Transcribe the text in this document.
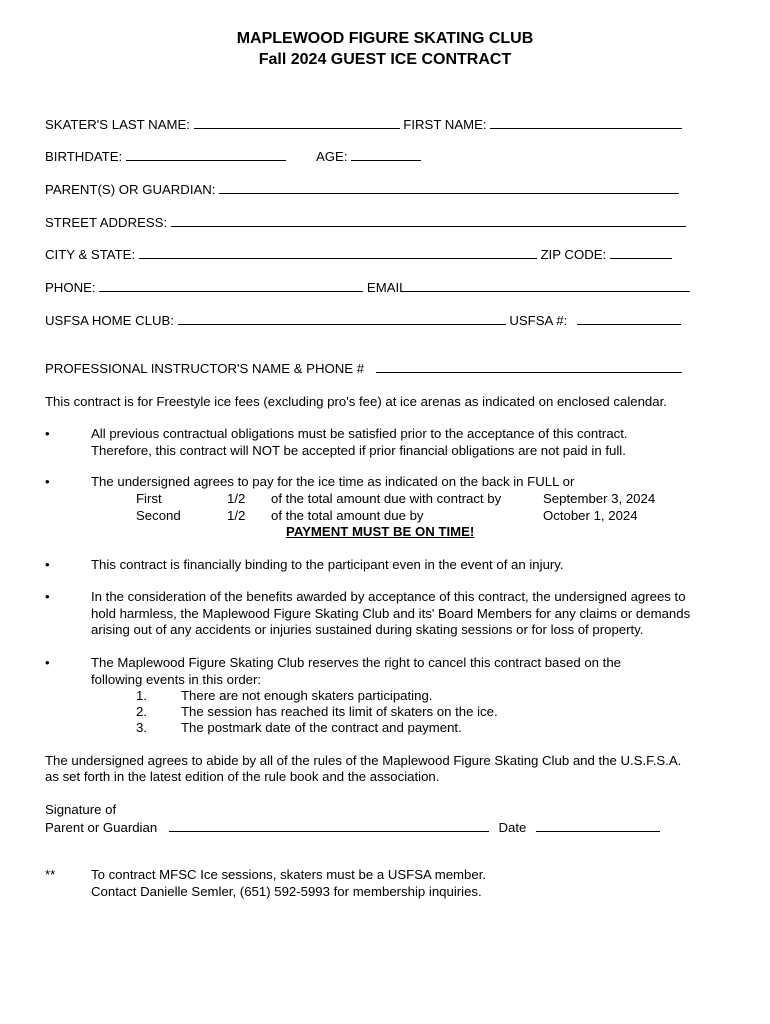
MAPLEWOOD FIGURE SKATING CLUB
Fall 2024 GUEST ICE CONTRACT
SKATER'S LAST NAME:	FIRST NAME:
BIRTHDATE:	AGE:
PARENT(S) OR GUARDIAN:
STREET ADDRESS:
CITY & STATE:	ZIP CODE:
PHONE:	EMAIL
USFSA HOME CLUB:	USFSA #:
PROFESSIONAL INSTRUCTOR'S NAME & PHONE #
This contract is for Freestyle ice fees (excluding pro's fee) at ice arenas as indicated on enclosed calendar.
•	All previous contractual obligations must be satisfied prior to the acceptance of this contract.
Therefore, this contract will NOT be accepted if prior financial obligations are not paid in full.
•	The undersigned agrees to pay for the ice time as indicated on the back in FULL or
First	1/2 of the total amount due with contract by	September 3, 2024
Second	1/2 of the total amount due by	October 1, 2024
PAYMENT MUST BE ON TIME!
•	This contract is financially binding to the participant even in the event of an injury.
•	In the consideration of the benefits awarded by acceptance of this contract, the undersigned agrees to
hold harmless, the Maplewood Figure Skating Club and its' Board Members for any claims or demands
arising out of any accidents or injuries sustained during skating sessions or for loss of property.
•	The Maplewood Figure Skating Club reserves the right to cancel this contract based on the
following events in this order:
1.	There are not enough skaters participating.
2.	The session has reached its limit of skaters on the ice.
3.	The postmark date of the contract and payment.
The undersigned agrees to abide by all of the rules of the Maplewood Figure Skating Club and the U.S.F.S.A.
as set forth in the latest edition of the rule book and the association.
Signature of
Parent or Guardian	Date
**	To contract MFSC Ice sessions, skaters must be a USFSA member.
Contact Danielle Semler, (651) 592-5993 for membership inquiries.
